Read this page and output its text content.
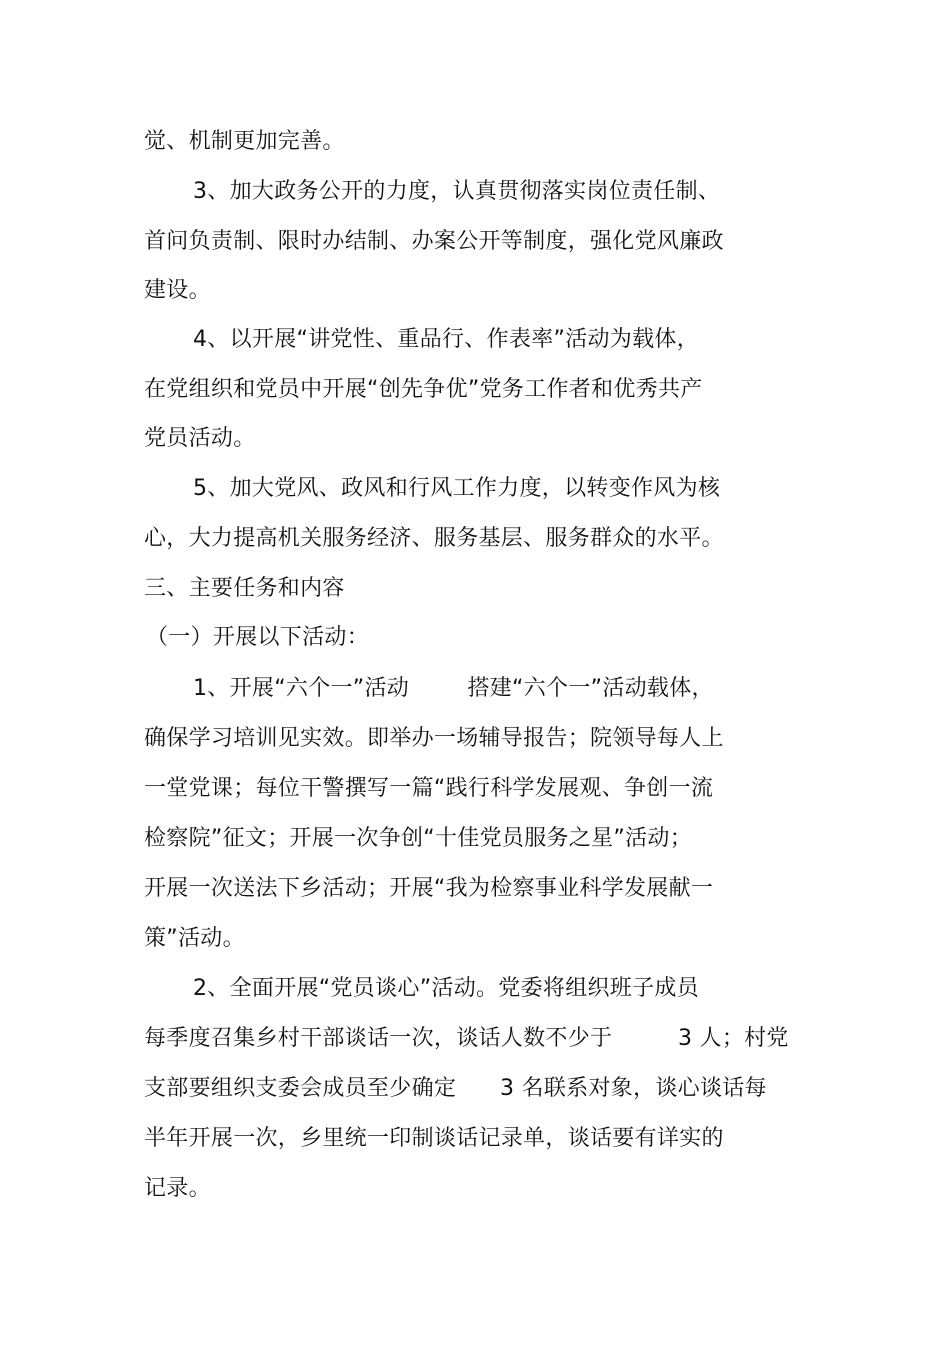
觉、机制更加完善。
3、加大政务公开的力度，认真贯彻落实岗位责任制、
首问负责制、限时办结制、办案公开等制度，强化党风廉政
建设。
4、以开展“讲党性、重品行、作表率”活动为载体，
在党组织和党员中开展“创先争优”党务工作者和优秀共产
党员活动。
5、加大党风、政风和行风工作力度，以转变作风为核
心，大力提高机关服务经济、服务基层、服务群众的水平。
三、主要任务和内容
（一）开展以下活动：
1、开展“六个一”活动        搭建“六个一”活动载体，
确保学习培训见实效。即举办一场辅导报告；院领导每人上
一堂党课；每位干警撰写一篇“践行科学发展观、争创一流
检察院”征文；开展一次争创“十佳党员服务之星”活动；
开展一次送法下乡活动；开展“我为检察事业科学发展献一
策”活动。
2、全面开展“党员谈心”活动。党委将组织班子成员
每季度召集乡村干部谈话一次，谈话人数不少于         3 人；村党
支部要组织支委会成员至少确定      3 名联系对象，谈心谈话每
半年开展一次，乡里统一印制谈话记录单，谈话要有详实的
记录。
